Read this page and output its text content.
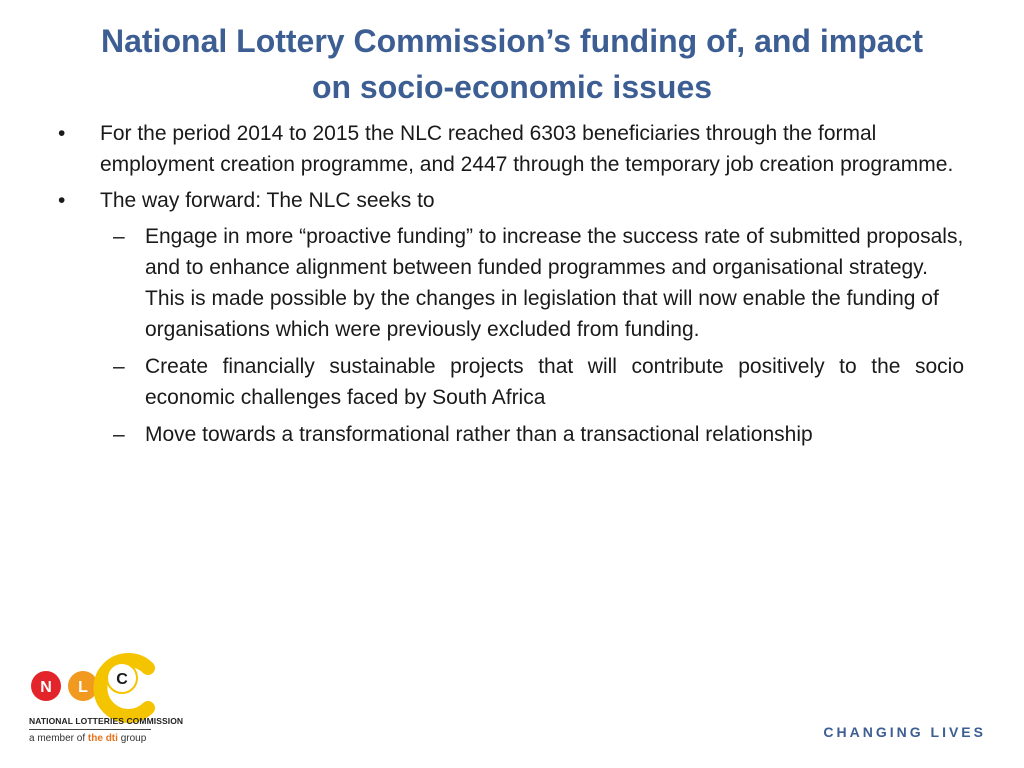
National Lottery Commission’s funding of, and impact
on socio-economic issues
• For the period 2014 to 2015 the NLC reached 6303 beneficiaries through the formal employment creation programme, and 2447 through the temporary job creation programme.
• The way forward: The NLC seeks to
– Engage in more “proactive funding” to increase the success rate of submitted proposals, and to enhance alignment between funded programmes and organisational strategy. This is made possible by the changes in legislation that will now enable the funding of organisations which were previously excluded from funding.
– Create financially sustainable projects that will contribute positively to the socio economic challenges faced by South Africa
– Move towards a transformational rather than a transactional relationship
N L C
NATIONAL LOTTERIES COMMISSION
a member of the dti group	CHANGING LIVES
